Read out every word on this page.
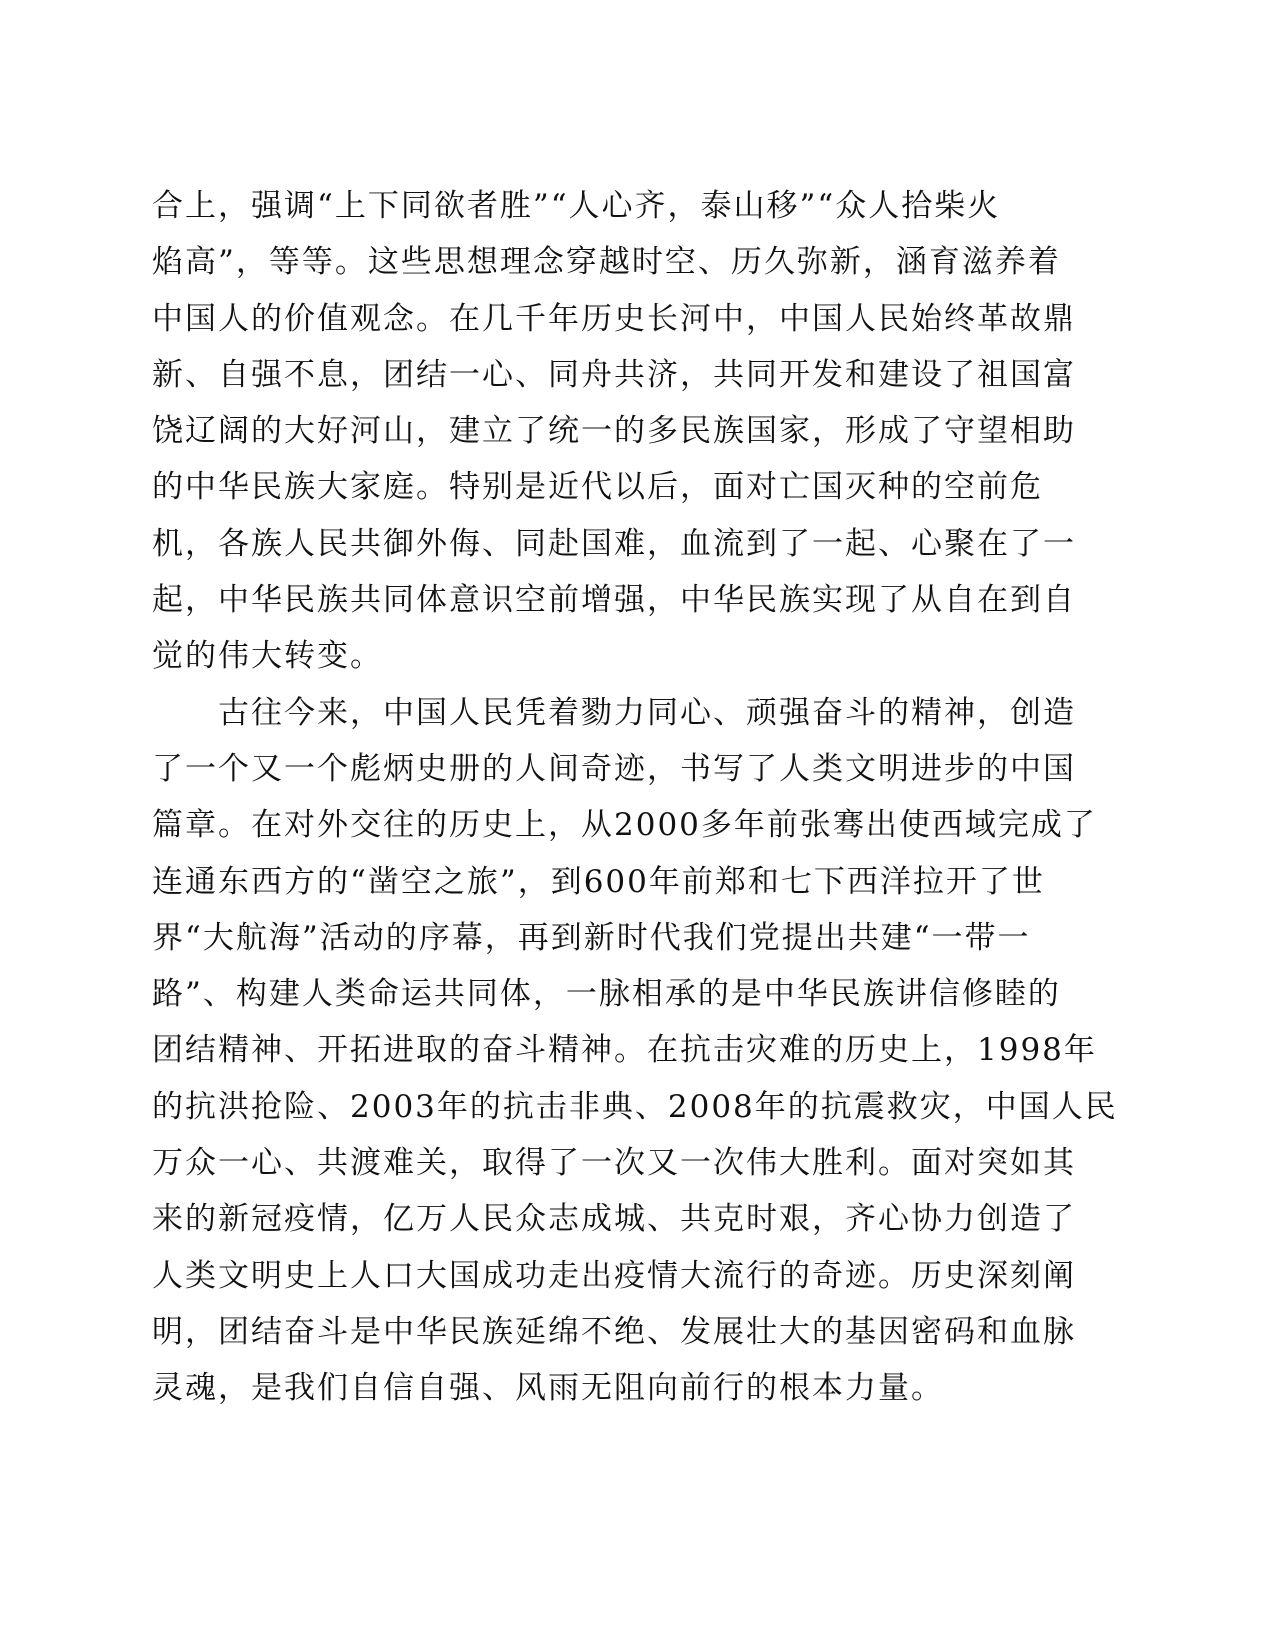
合上，强调“上下同欲者胜”“人心齐，泰山移”“众人拾柴火
焰高”，等等。这些思想理念穿越时空、历久弥新，涵育滋养着
中国人的价值观念。在几千年历史长河中，中国人民始终革故鼎
新、自强不息，团结一心、同舟共济，共同开发和建设了祖国富
饶辽阔的大好河山，建立了统一的多民族国家，形成了守望相助
的中华民族大家庭。特别是近代以后，面对亡国灭种的空前危
机，各族人民共御外侮、同赴国难，血流到了一起、心聚在了一
起，中华民族共同体意识空前增强，中华民族实现了从自在到自
觉的伟大转变。
古往今来，中国人民凭着勠力同心、顽强奋斗的精神，创造
了一个又一个彪炳史册的人间奇迹，书写了人类文明进步的中国
篇章。在对外交往的历史上，从2000多年前张骞出使西域完成了
连通东西方的“凿空之旅”，到600年前郑和七下西洋拉开了世
界“大航海”活动的序幕，再到新时代我们党提出共建“一带一
路”、构建人类命运共同体，一脉相承的是中华民族讲信修睦的
团结精神、开拓进取的奋斗精神。在抗击灾难的历史上，1998年
的抗洪抢险、2003年的抗击非典、2008年的抗震救灾，中国人民
万众一心、共渡难关，取得了一次又一次伟大胜利。面对突如其
来的新冠疫情，亿万人民众志成城、共克时艰，齐心协力创造了
人类文明史上人口大国成功走出疫情大流行的奇迹。历史深刻阐
明，团结奋斗是中华民族延绵不绝、发展壮大的基因密码和血脉
灵魂，是我们自信自强、风雨无阻向前行的根本力量。
